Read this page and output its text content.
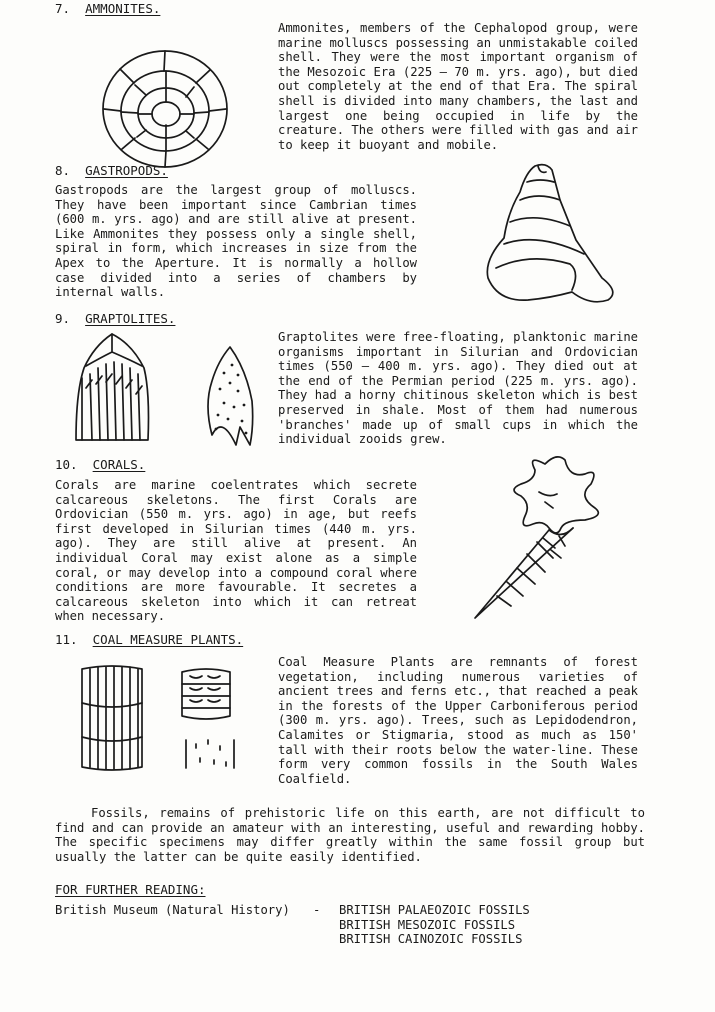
7. AMMONITES.
Ammonites, members of the Cephalopod group, were marine molluscs possessing an unmistakable coiled shell. They were the most important organism of the Mesozoic Era (225 – 70 m. yrs. ago), but died out completely at the end of that Era. The spiral shell is divided into many chambers, the last and largest one being occupied in life by the creature. The others were filled with gas and air to keep it buoyant and mobile.
8. GASTROPODS.
Gastropods are the largest group of molluscs. They have been important since Cambrian times (600 m. yrs. ago) and are still alive at present. Like Ammonites they possess only a single shell, spiral in form, which increases in size from the Apex to the Aperture. It is normally a hollow case divided into a series of chambers by internal walls.
9. GRAPTOLITES.
Graptolites were free-floating, planktonic marine organisms important in Silurian and Ordovician times (550 – 400 m. yrs. ago). They died out at the end of the Permian period (225 m. yrs. ago). They had a horny chitinous skeleton which is best preserved in shale. Most of them had numerous 'branches' made up of small cups in which the individual zooids grew.
10. CORALS.
Corals are marine coelentrates which secrete calcareous skeletons. The first Corals are Ordovician (550 m. yrs. ago) in age, but reefs first developed in Silurian times (440 m. yrs. ago). They are still alive at present. An individual Coral may exist alone as a simple coral, or may develop into a compound coral where conditions are more favourable. It secretes a calcareous skeleton into which it can retreat when necessary.
11. COAL MEASURE PLANTS.
Coal Measure Plants are remnants of forest vegetation, including numerous varieties of ancient trees and ferns etc., that reached a peak in the forests of the Upper Carboniferous period (300 m. yrs. ago). Trees, such as Lepidodendron, Calamites or Stigmaria, stood as much as 150' tall with their roots below the water-line. These form very common fossils in the South Wales Coalfield.
Fossils, remains of prehistoric life on this earth, are not difficult to find and can provide an amateur with an interesting, useful and rewarding hobby. The specific specimens may differ greatly within the same fossil group but usually the latter can be quite easily identified.
FOR FURTHER READING:
British Museum (Natural History)	-	BRITISH PALAEOZOIC FOSSILS
BRITISH MESOZOIC FOSSILS
BRITISH CAINOZOIC FOSSILS
